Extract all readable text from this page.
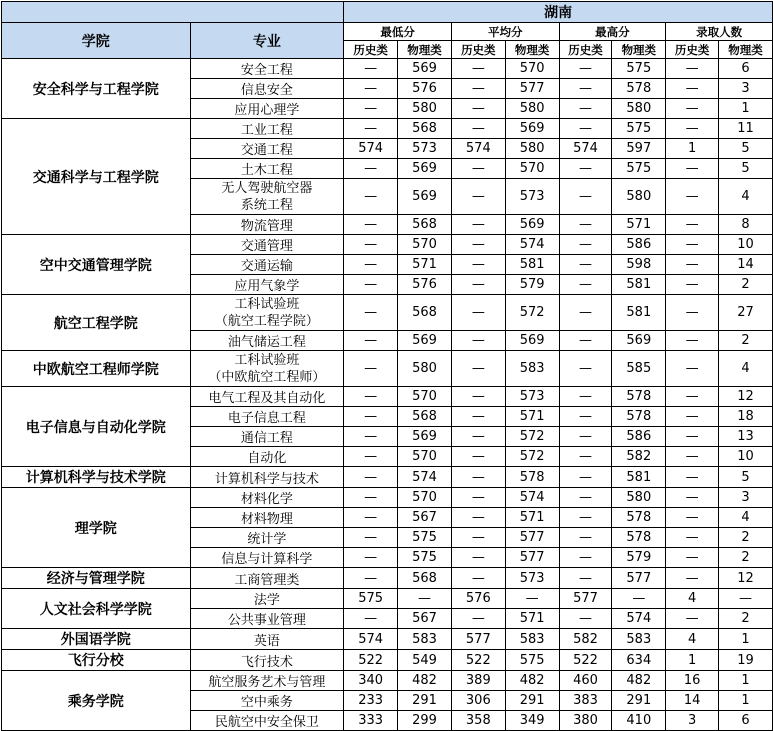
		湖南							
学院	专业	最低分		平均分		最高分		录取人数	
		历史类	物理类	历史类	物理类	历史类	物理类	历史类	物理类
安全科学与工程学院	安全工程	—	569	—	570	—	575	—	6
	信息安全	—	576	—	577	—	578	—	3
	应用心理学	—	580	—	580	—	580	—	1
交通科学与工程学院	工业工程	—	568	—	569	—	575	—	11
	交通工程	574	573	574	580	574	597	1	5
	土木工程	—	569	—	570	—	575	—	5
	无人驾驶航空器
系统工程	—	569	—	573	—	580	—	4
	物流管理	—	568	—	569	—	571	—	8
空中交通管理学院	交通管理	—	570	—	574	—	586	—	10
	交通运输	—	571	—	581	—	598	—	14
	应用气象学	—	576	—	579	—	581	—	2
航空工程学院	工科试验班
（航空工程学院）	—	568	—	572	—	581	—	27
	油气储运工程	—	569	—	569	—	569	—	2
中欧航空工程师学院	工科试验班
（中欧航空工程师）	—	580	—	583	—	585	—	4
电子信息与自动化学院	电气工程及其自动化	—	570	—	573	—	578	—	12
	电子信息工程	—	568	—	571	—	578	—	18
	通信工程	—	569	—	572	—	586	—	13
	自动化	—	570	—	572	—	582	—	10
计算机科学与技术学院	计算机科学与技术	—	574	—	578	—	581	—	5
理学院	材料化学	—	570	—	574	—	580	—	3
	材料物理	—	567	—	571	—	578	—	4
	统计学	—	575	—	577	—	578	—	2
	信息与计算科学	—	575	—	577	—	579	—	2
经济与管理学院	工商管理类	—	568	—	573	—	577	—	12
人文社会科学学院	法学	575	—	576	—	577	—	4	—
	公共事业管理	—	567	—	571	—	574	—	2
外国语学院	英语	574	583	577	583	582	583	4	1
飞行分校	飞行技术	522	549	522	575	522	634	1	19
乘务学院	航空服务艺术与管理	340	482	389	482	460	482	16	1
	空中乘务	233	291	306	291	383	291	14	1
	民航空中安全保卫	333	299	358	349	380	410	3	6
